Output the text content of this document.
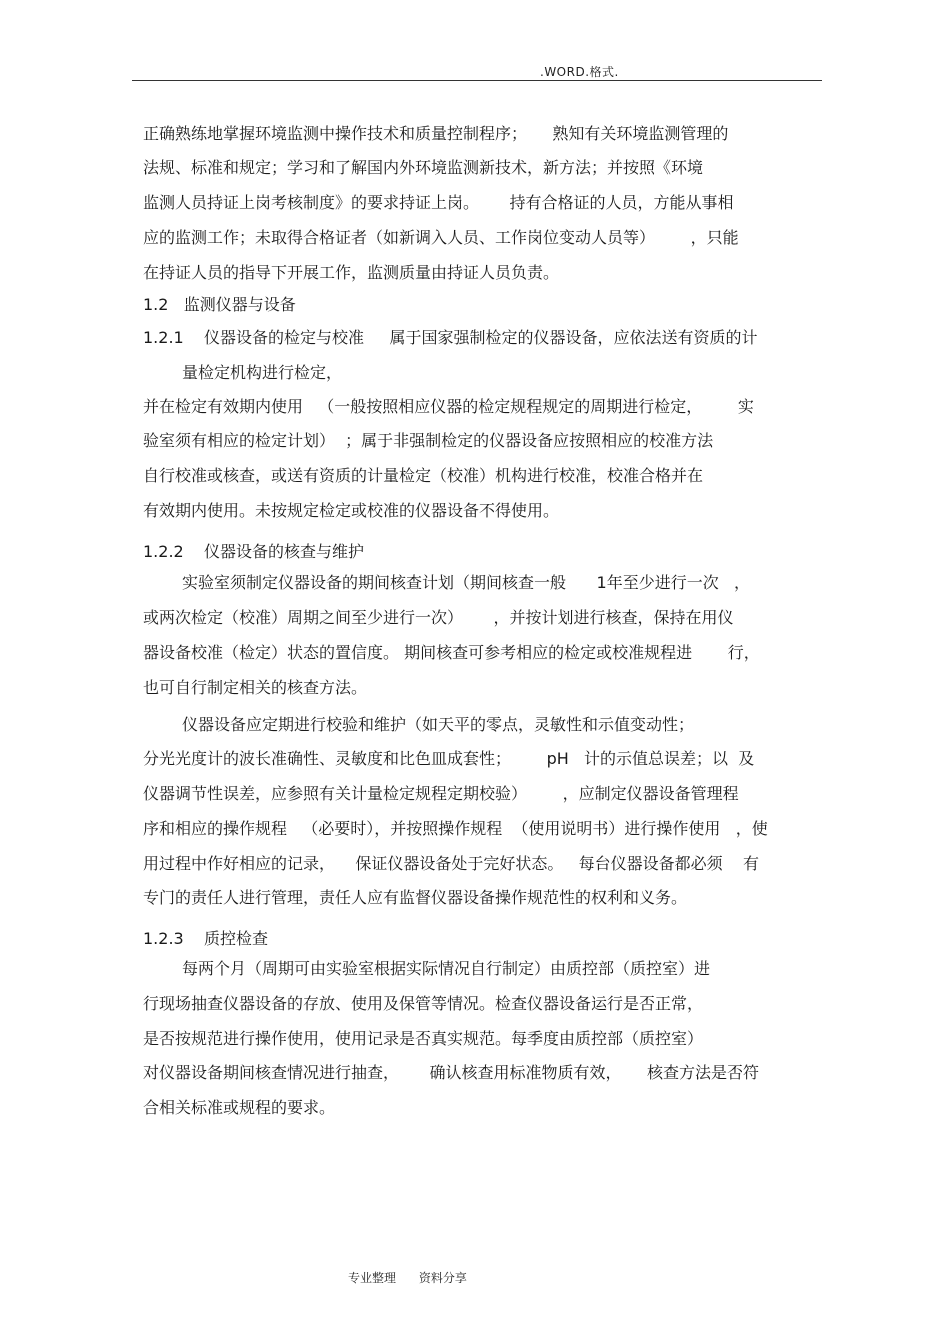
.WORD.格式.
正确熟练地掌握环境监测中操作技术和质量控制程序；     熟知有关环境监测管理的
法规、标准和规定；学习和了解国内外环境监测新技术，新方法；并按照《环境
监测人员持证上岗考核制度》的要求持证上岗。      持有合格证的人员，方能从事相
应的监测工作；未取得合格证者（如新调入人员、工作岗位变动人员等）       ，只能
在持证人员的指导下开展工作，监测质量由持证人员负责。
1.2   监测仪器与设备
1.2.1    仪器设备的检定与校准     属于国家强制检定的仪器设备，应依法送有资质的计
量检定机构进行检定，
并在检定有效期内使用   （一般按照相应仪器的检定规程规定的周期进行检定，       实
验室须有相应的检定计划）  ；属于非强制检定的仪器设备应按照相应的校准方法
自行校准或核查，或送有资质的计量检定（校准）机构进行校准，校准合格并在
有效期内使用。未按规定检定或校准的仪器设备不得使用。
1.2.2    仪器设备的核查与维护
实验室须制定仪器设备的期间核查计划（期间核查一般      1年至少进行一次   ，
或两次检定（校准）周期之间至少进行一次）      ，并按计划进行核查，保持在用仪
器设备校准（检定）状态的置信度。 期间核查可参考相应的检定或校准规程进       行，
也可自行制定相关的核查方法。
仪器设备应定期进行校验和维护（如天平的零点，灵敏性和示值变动性；
分光光度计的波长准确性、灵敏度和比色皿成套性；       pH   计的示值总误差；以  及
仪器调节性误差，应参照有关计量检定规程定期校验）       ，应制定仪器设备管理程
序和相应的操作规程   （必要时），并按照操作规程  （使用说明书）进行操作使用   ，使
用过程中作好相应的记录，    保证仪器设备处于完好状态。   每台仪器设备都必须    有
专门的责任人进行管理，责任人应有监督仪器设备操作规范性的权利和义务。
1.2.3    质控检查
每两个月（周期可由实验室根据实际情况自行制定）由质控部（质控室）进
行现场抽查仪器设备的存放、使用及保管等情况。检查仪器设备运行是否正常，
是否按规范进行操作使用，使用记录是否真实规范。每季度由质控部（质控室）
对仪器设备期间核查情况进行抽查，      确认核查用标准物质有效，     核查方法是否符
合相关标准或规程的要求。
专业整理      资料分享
